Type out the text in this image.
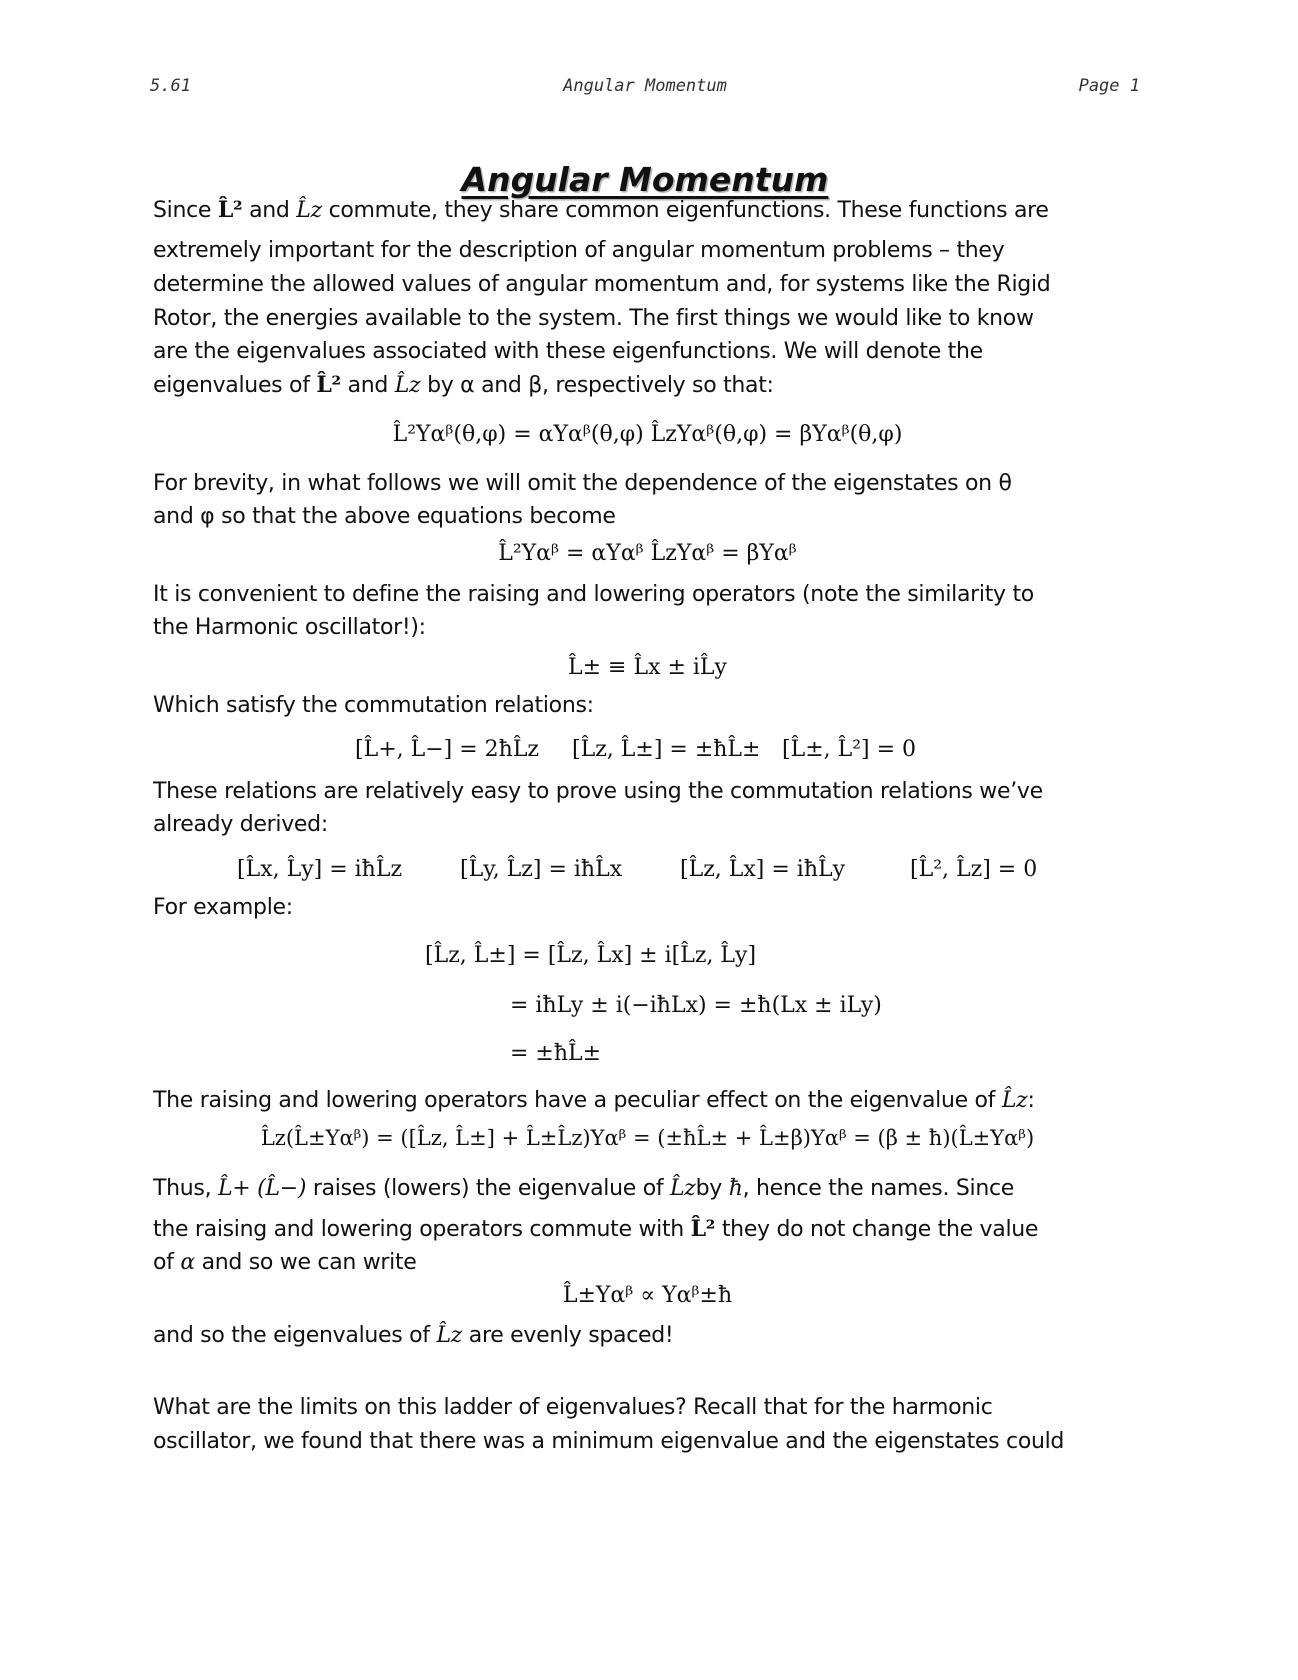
5.61	Angular Momentum	Page 1
Angular Momentum

Since L̂² and L̂z commute, they share common eigenfunctions. These functions are

extremely important for the description of angular momentum problems – they

determine the allowed values of angular momentum and, for systems like the Rigid

Rotor, the energies available to the system. The first things we would like to know

are the eigenvalues associated with these eigenfunctions. We will denote the

eigenvalues of L̂² and L̂z by α and β, respectively so that:

L̂²Yαᵝ(θ,φ) = αYαᵝ(θ,φ) L̂zYαᵝ(θ,φ) = βYαᵝ(θ,φ)

For brevity, in what follows we will omit the dependence of the eigenstates on θ

and φ so that the above equations become

L̂²Yαᵝ = αYαᵝ L̂zYαᵝ = βYαᵝ

It is convenient to define the raising and lowering operators (note the similarity to

the Harmonic oscillator!):

L̂± ≡ L̂x ± iL̂y

Which satisfy the commutation relations:

[L̂+, L̂−] = 2ħL̂z [L̂z, L̂±] = ±ħL̂± [L̂±, L̂²] = 0

These relations are relatively easy to prove using the commutation relations we’ve

already derived:

[L̂x, L̂y] = iħL̂z	[L̂y, L̂z] = iħL̂x	[L̂z, L̂x] = iħL̂y	[L̂², L̂z] = 0

For example:

[L̂z, L̂±] = [L̂z, L̂x] ± i[L̂z, L̂y]

= iħLy ± i(−iħLx) = ±ħ(Lx ± iLy)

= ±ħL̂±

The raising and lowering operators have a peculiar effect on the eigenvalue of L̂z:

L̂z(L̂±Yαᵝ) = ([L̂z, L̂±] + L̂±L̂z)Yαᵝ = (±ħL̂± + L̂±β)Yαᵝ = (β ± ħ)(L̂±Yαᵝ)

Thus, L̂+ (L̂−) raises (lowers) the eigenvalue of L̂zby ħ, hence the names. Since

the raising and lowering operators commute with L̂² they do not change the value

of α and so we can write

L̂±Yαᵝ ∝ Yαᵝ±ħ

and so the eigenvalues of L̂z are evenly spaced!

What are the limits on this ladder of eigenvalues? Recall that for the harmonic

oscillator, we found that there was a minimum eigenvalue and the eigenstates could
